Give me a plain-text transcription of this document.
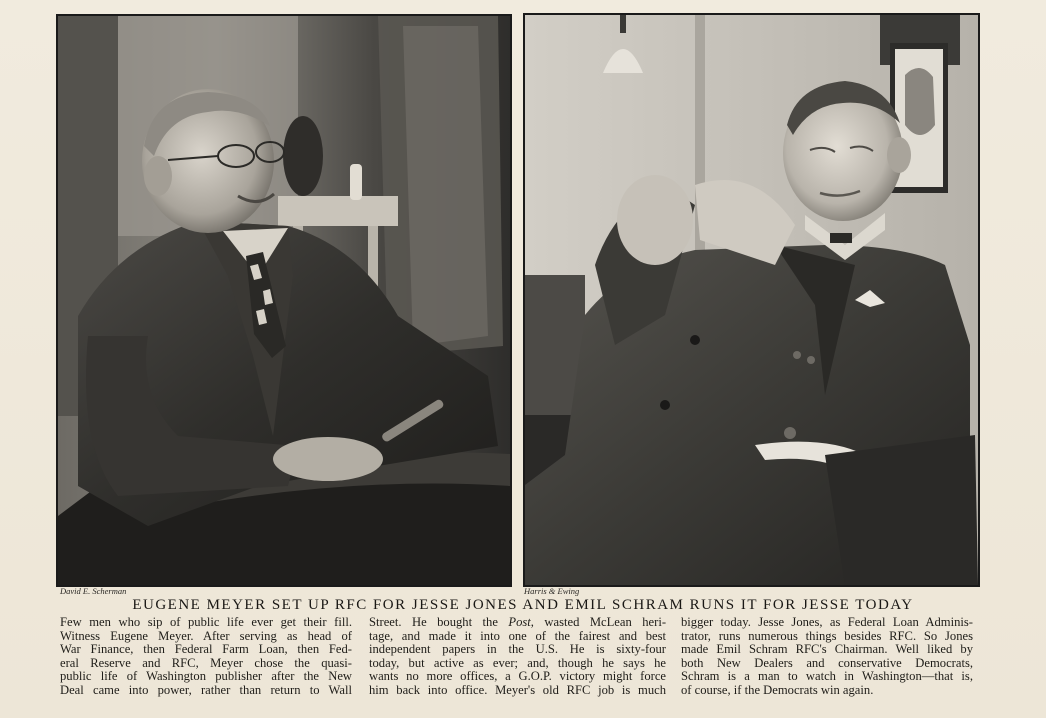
David E. Scherman	Harris & Ewing
EUGENE MEYER SET UP RFC FOR JESSE JONES AND EMIL SCHRAM RUNS IT FOR JESSE TODAY
Few men who sip of public life ever get their fill.
Witness Eugene Meyer. After serving as head of
War Finance, then Federal Farm Loan, then Fed-
eral Reserve and RFC, Meyer chose the quasi-
public life of Washington publisher after the New
Deal came into power, rather than return to Wall
Street. He bought the Post, wasted McLean heri-
tage, and made it into one of the fairest and best
independent papers in the U.S. He is sixty-four
today, but active as ever; and, though he says he
wants no more offices, a G.O.P. victory might force
him back into office. Meyer's old RFC job is much
bigger today. Jesse Jones, as Federal Loan Adminis-
trator, runs numerous things besides RFC. So Jones
made Emil Schram RFC's Chairman. Well liked by
both New Dealers and conservative Democrats,
Schram is a man to watch in Washington—that is,
of course, if the Democrats win again.
